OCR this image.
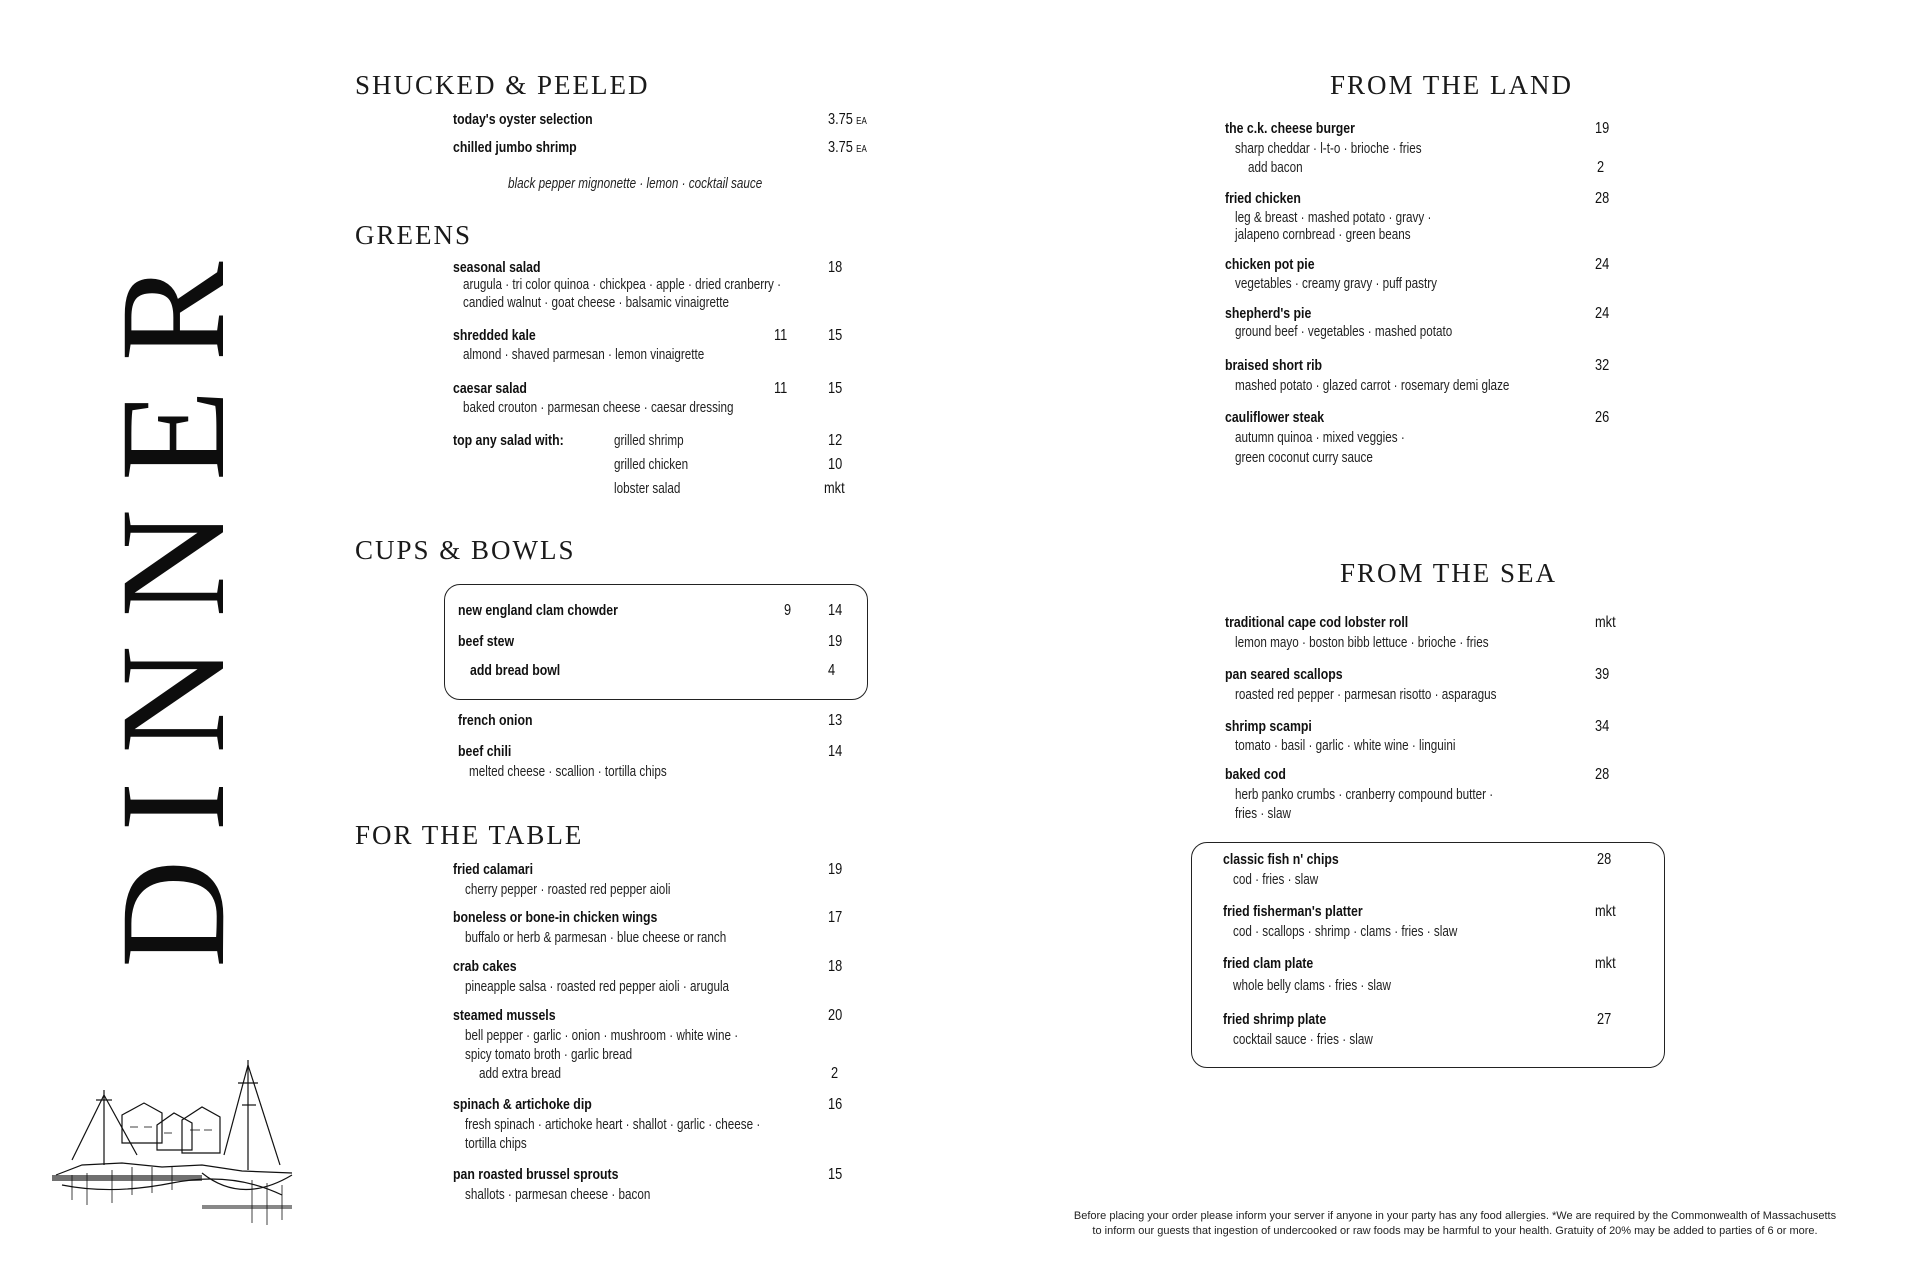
DINNER
SHUCKED & PEELED
today's oyster selection	3.75 EA
chilled jumbo shrimp	3.75 EA
black pepper mignonette · lemon · cocktail sauce
GREENS
seasonal salad	18
arugula · tri color quinoa · chickpea · apple · dried cranberry ·
candied walnut · goat cheese · balsamic vinaigrette
shredded kale	11	15
almond · shaved parmesan · lemon vinaigrette
caesar salad	11	15
baked crouton · parmesan cheese · caesar dressing
top any salad with:	grilled shrimp	12
grilled chicken	10
lobster salad	mkt
CUPS & BOWLS
new england clam chowder	9 14
beef stew	19
add bread bowl	4
french onion	13
beef chili	14
melted cheese · scallion · tortilla chips
FOR THE TABLE
fried calamari	19
cherry pepper · roasted red pepper aioli
boneless or bone-in chicken wings	17
buffalo or herb & parmesan · blue cheese or ranch
crab cakes	18
pineapple salsa · roasted red pepper aioli · arugula
steamed mussels	20
bell pepper · garlic · onion · mushroom · white wine ·
spicy tomato broth · garlic bread
add extra bread	2
spinach & artichoke dip	16
fresh spinach · artichoke heart · shallot · garlic · cheese ·
tortilla chips
pan roasted brussel sprouts	15
shallots · parmesan cheese · bacon
FROM THE LAND
the c.k. cheese burger	19
sharp cheddar · l-t-o · brioche · fries
add bacon	2
fried chicken	28
leg & breast · mashed potato · gravy ·
jalapeno cornbread · green beans
chicken pot pie	24
vegetables · creamy gravy · puff pastry
shepherd's pie	24
ground beef · vegetables · mashed potato
braised short rib	32
mashed potato · glazed carrot · rosemary demi glaze
cauliflower steak	26
autumn quinoa · mixed veggies ·
green coconut curry sauce
FROM THE SEA
traditional cape cod lobster roll	mkt
lemon mayo · boston bibb lettuce · brioche · fries
pan seared scallops	39
roasted red pepper · parmesan risotto · asparagus
shrimp scampi	34
tomato · basil · garlic · white wine · linguini
baked cod	28
herb panko crumbs · cranberry compound butter ·
fries · slaw
classic fish n' chips	28
cod · fries · slaw
fried fisherman's platter	mkt
cod · scallops · shrimp · clams · fries · slaw
fried clam plate	mkt
whole belly clams · fries · slaw
fried shrimp plate	27
cocktail sauce · fries · slaw
Before placing your order please inform your server if anyone in your party has any food allergies. *We are required by the Commonwealth of Massachusetts
to inform our guests that ingestion of undercooked or raw foods may be harmful to your health. Gratuity of 20% may be added to parties of 6 or more.
